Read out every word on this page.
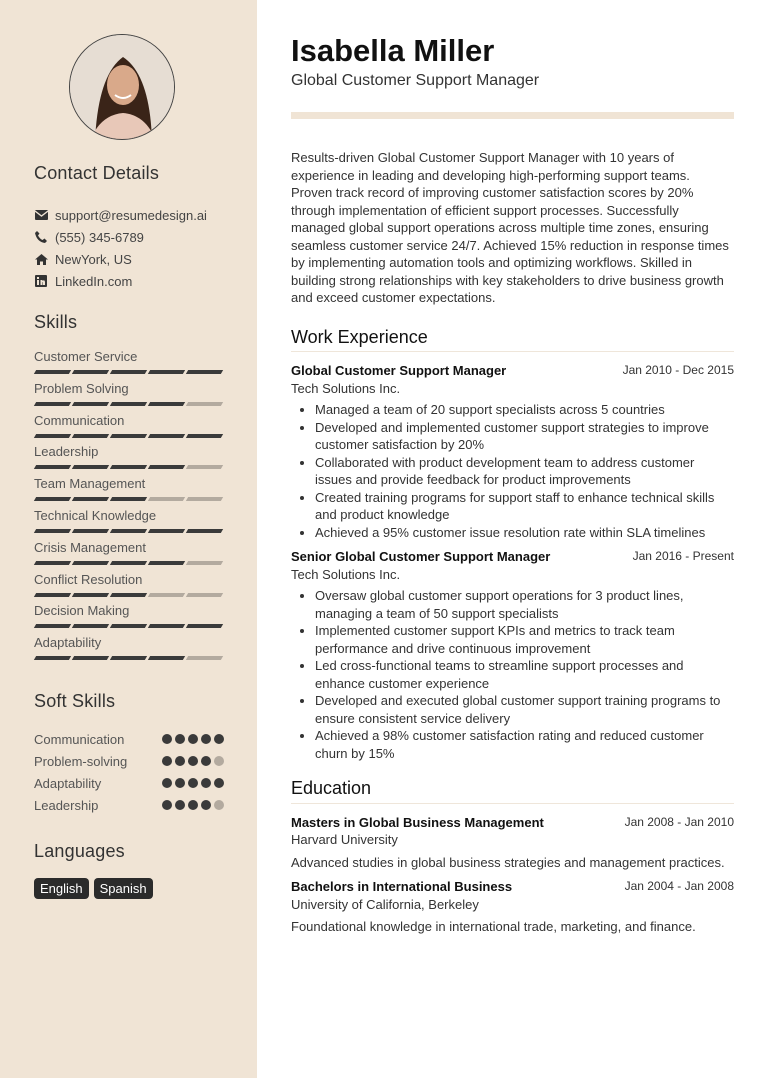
Contact Details
support@resumedesign.ai
(555) 345-6789
NewYork, US
LinkedIn.com
Skills
Customer Service
Problem Solving
Communication
Leadership
Team Management
Technical Knowledge
Crisis Management
Conflict Resolution
Decision Making
Adaptability
Soft Skills
Communication
Problem-solving
Adaptability
Leadership
Languages
English	Spanish
Isabella Miller
Global Customer Support Manager

Results-driven Global Customer Support Manager with 10 years of experience in leading and developing high-performing support teams. Proven track record of improving customer satisfaction scores by 20% through implementation of efficient support processes. Successfully managed global support operations across multiple time zones, ensuring seamless customer service 24/7. Achieved 15% reduction in response times by implementing automation tools and optimizing workflows. Skilled in building strong relationships with key stakeholders to drive business growth and exceed customer expectations.

Work Experience
Global Customer Support Manager	Jan 2010 - Dec 2015
Tech Solutions Inc.
• Managed a team of 20 support specialists across 5 countries
• Developed and implemented customer support strategies to improve customer satisfaction by 20%
• Collaborated with product development team to address customer issues and provide feedback for product improvements
• Created training programs for support staff to enhance technical skills and product knowledge
• Achieved a 95% customer issue resolution rate within SLA timelines
Senior Global Customer Support Manager	Jan 2016 - Present
Tech Solutions Inc.
• Oversaw global customer support operations for 3 product lines, managing a team of 50 support specialists
• Implemented customer support KPIs and metrics to track team performance and drive continuous improvement
• Led cross-functional teams to streamline support processes and enhance customer experience
• Developed and executed global customer support training programs to ensure consistent service delivery
• Achieved a 98% customer satisfaction rating and reduced customer churn by 15%
Education
Masters in Global Business Management	Jan 2008 - Jan 2010
Harvard University
Advanced studies in global business strategies and management practices.
Bachelors in International Business	Jan 2004 - Jan 2008
University of California, Berkeley
Foundational knowledge in international trade, marketing, and finance.
